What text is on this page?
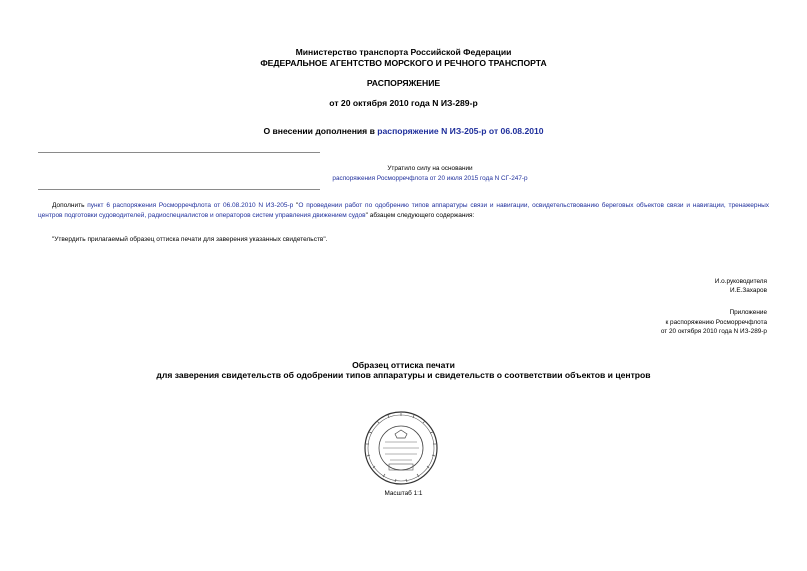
Министерство транспорта Российской Федерации
ФЕДЕРАЛЬНОЕ АГЕНТСТВО МОРСКОГО И РЕЧНОГО ТРАНСПОРТА
РАСПОРЯЖЕНИЕ
от 20 октября 2010 года N ИЗ-289-р
О внесении дополнения в распоряжение N ИЗ-205-р от 06.08.2010
Утратило силу на основании
распоряжения Росморречфлота от 20 июля 2015 года N СГ-247-р
Дополнить пункт 6 распоряжения Росморречфлота от 06.08.2010 N ИЗ-205-р "О проведении работ по одобрению типов аппаратуры связи и навигации, освидетельствованию береговых объектов связи и навигации, тренажерных центров подготовки судоводителей, радиоспециалистов и операторов систем управления движением судов" абзацем следующего содержания:
"Утвердить прилагаемый образец оттиска печати для заверения указанных свидетельств".
И.о.руководителя
И.Е.Захаров
Приложение
к распоряжению Росморречфлота
от 20 октября 2010 года N ИЗ-289-р
Образец оттиска печати
для заверения свидетельств об одобрении типов аппаратуры и свидетельств о соответствии объектов и центров
Масштаб 1:1
